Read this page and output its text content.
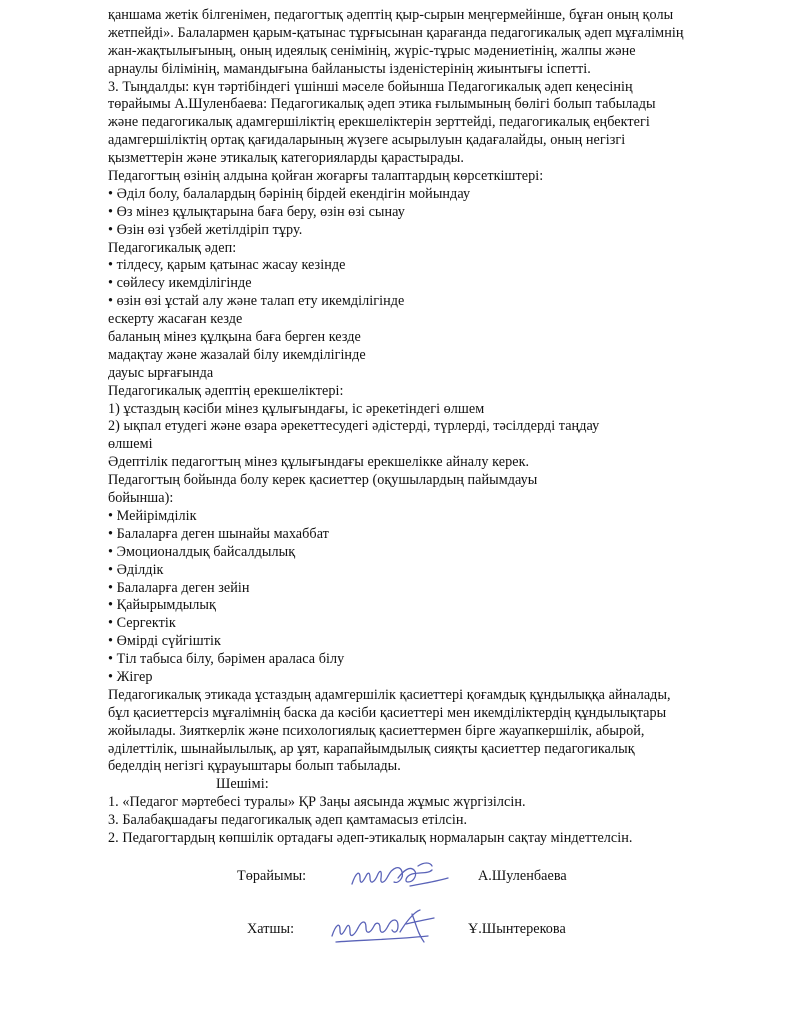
қаншама жетік білгенімен, педагогтық әдептің қыр-сырын меңгермейінше, бұған оның қолы
жетпейді». Балалармен қарым-қатынас тұрғысынан қарағанда педагогикалық әдеп мұғалімнің
жан-жақтылығының, оның идеялық сенімінің, жүріс-тұрыс мәдениетінің, жалпы және
арнаулы білімінің, мамандығына байланысты ізденістерінің жиынтығы іспетті.
3. Тыңдалды: күн тәртібіндегі үшінші мәселе бойынша Педагогикалық әдеп кеңесінің
төрайымы А.Шуленбаева: Педагогикалық әдеп этика ғылымының бөлігі болып табылады
және педагогикалық адамгершіліктің ерекшеліктерін зерттейді, педагогикалық еңбектегі
адамгершіліктің ортақ қағидаларының жүзеге асырылуын қадағалайды, оның негізгі
қызметтерін және этикалық категорияларды қарастырады.
Педагогтың өзінің алдына қойған жоғарғы талаптардың көрсеткіштері:
• Әділ болу, балалардың бәрінің бірдей екендігін мойындау
• Өз мінез құлықтарына баға беру, өзін өзі сынау
• Өзін өзі үзбей жетілдіріп тұру.
Педагогикалық әдеп:
• тілдесу, қарым қатынас жасау кезінде
• сөйлесу икемділігінде
• өзін өзі ұстай алу және талап ету икемділігінде
ескерту жасаған кезде
баланың мінез құлқына баға берген кезде
мадақтау және жазалай білу икемділігінде
дауыс ырғағында
Педагогикалық әдептің ерекшеліктері:
1) ұстаздың кәсіби мінез құлығындағы, іс әрекетіндегі өлшем
2) ықпал етудегі және өзара әрекеттесудегі әдістерді, түрлерді, тәсілдерді таңдау
өлшемі
Әдептілік педагогтың мінез құлығындағы ерекшелікке айналу керек.
Педагогтың бойында болу керек қасиеттер (оқушылардың пайымдауы
бойынша):
• Мейірімділік
• Балаларға деген шынайы махаббат
• Эмоционалдық байсалдылық
• Әділдік
• Балаларға деген зейін
• Қайырымдылық
• Сергектік
• Өмірді сүйгіштік
• Тіл табыса білу, бәрімен араласа білу
• Жігер
Педагогикалық этикада ұстаздың адамгершілік қасиеттері қоғамдық құндылыққа айналады,
бұл қасиеттерсіз мұғалімнің баска да кәсіби қасиеттері мен икемділіктердің құндылықтары
жойылады. Зияткерлік және психологиялық қасиеттермен бірге жауапкершілік, абырой,
әділеттілік, шынайылылық, ар ұят, карапайымдылық сияқты қасиеттер педагогикалық
беделдің негізгі құрауыштары болып табылады.
Шешімі:
1. «Педагог мәртебесі туралы» ҚР Заңы аясында жұмыс жүргізілсін.
3. Балабақшадағы педагогикалық әдеп қамтамасыз етілсін.
2. Педагогтардың көпшілік ортадағы әдеп-этикалық нормаларын сақтау міндеттелсін.
Төрайымы:	А.Шуленбаева
Хатшы:	Ұ.Шынтерекова
